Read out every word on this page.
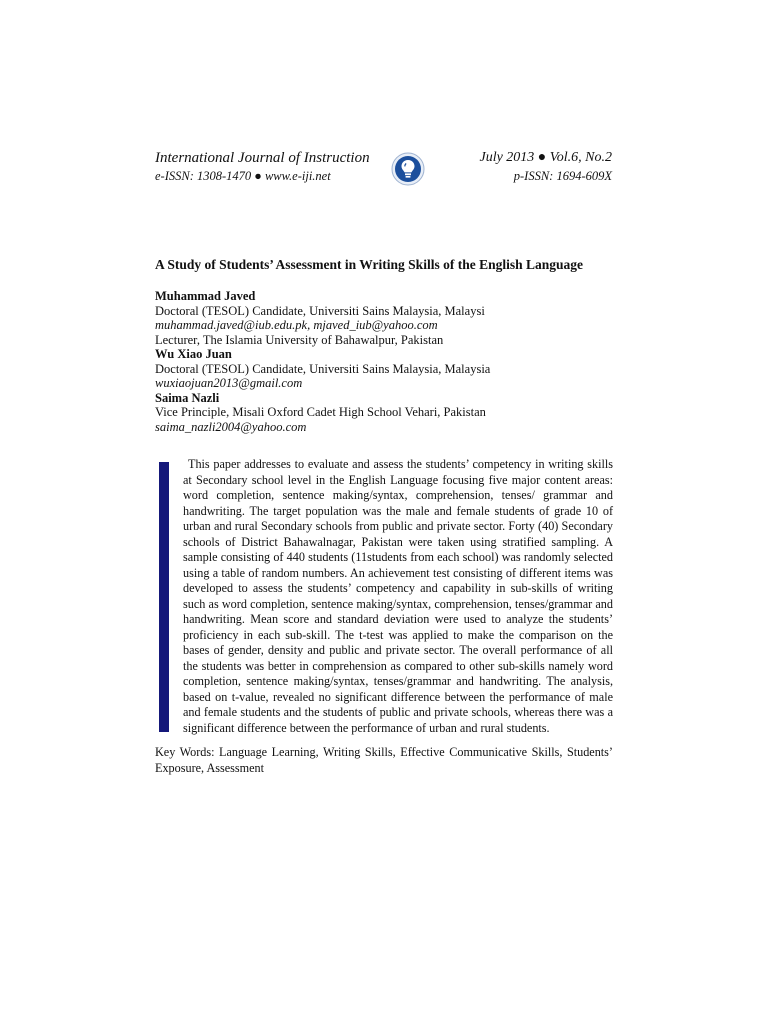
International Journal of Instruction
e-ISSN: 1308-1470 ● www.e-iji.net
July 2013 ● Vol.6, No.2
p-ISSN: 1694-609X
A Study of Students’ Assessment in Writing Skills of the English Language
Muhammad Javed
Doctoral (TESOL) Candidate, Universiti Sains Malaysia, Malaysi
muhammad.javed@iub.edu.pk, mjaved_iub@yahoo.com
Lecturer, The Islamia University of Bahawalpur, Pakistan
Wu Xiao Juan
Doctoral (TESOL) Candidate, Universiti Sains Malaysia, Malaysia
wuxiaojuan2013@gmail.com
Saima Nazli
Vice Principle, Misali Oxford Cadet High School Vehari, Pakistan
saima_nazli2004@yahoo.com

This paper addresses to evaluate and assess the students’ competency in writing skills at Secondary school level in the English Language focusing five major content areas: word completion, sentence making/syntax, comprehension, tenses/ grammar and handwriting. The target population was the male and female students of grade 10 of urban and rural Secondary schools from public and private sector. Forty (40) Secondary schools of District Bahawalnagar, Pakistan were taken using stratified sampling. A sample consisting of 440 students (11students from each school) was randomly selected using a table of random numbers. An achievement test consisting of different items was developed to assess the students’ competency and capability in sub-skills of writing such as word completion, sentence making/syntax, comprehension, tenses/grammar and handwriting. Mean score and standard deviation were used to analyze the students’ proficiency in each sub-skill. The t-test was applied to make the comparison on the bases of gender, density and public and private sector. The overall performance of all the students was better in comprehension as compared to other sub-skills namely word completion, sentence making/syntax, tenses/grammar and handwriting. The analysis, based on t-value, revealed no significant difference between the performance of male and female students and the students of public and private schools, whereas there was a significant difference between the performance of urban and rural students.

Key Words: Language Learning, Writing Skills, Effective Communicative Skills, Students’ Exposure, Assessment
